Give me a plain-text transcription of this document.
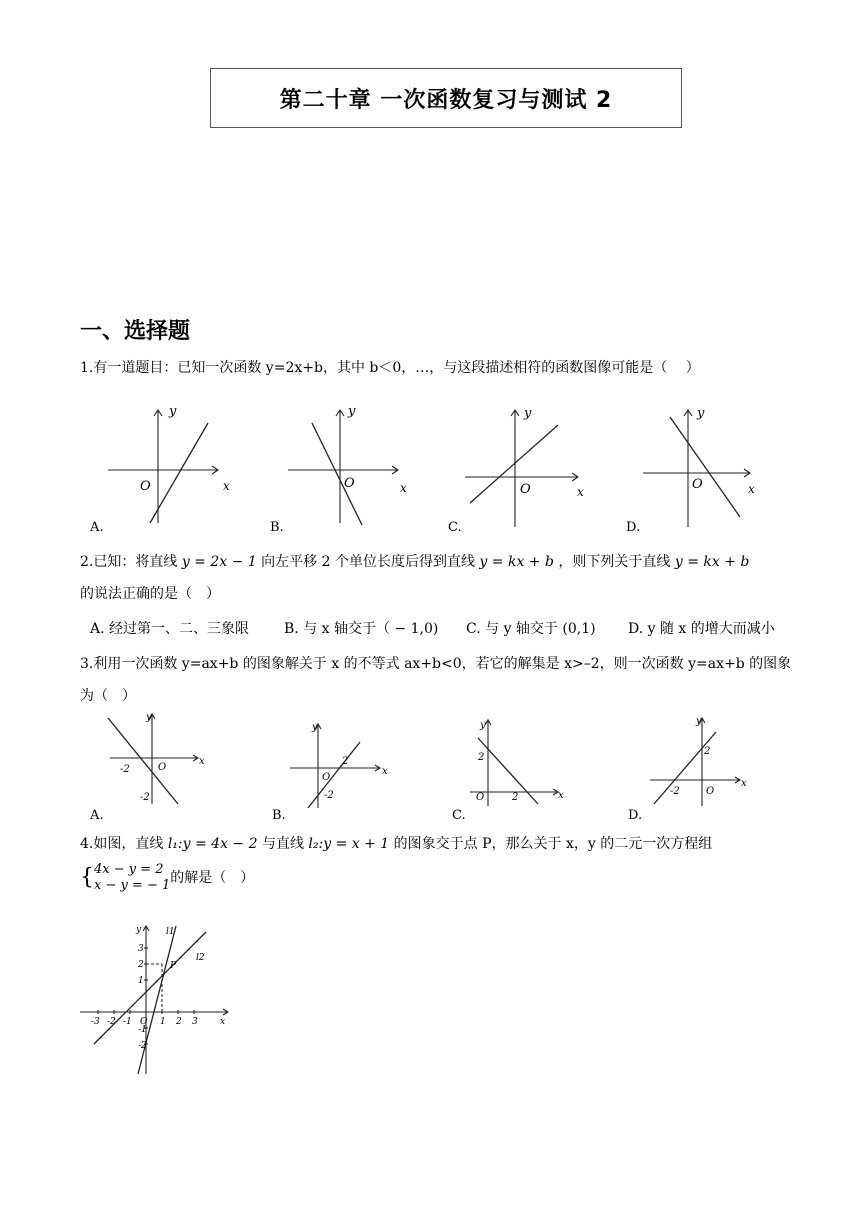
第二十章 一次函数复习与测试 2
一、选择题
1.有一道题目：已知一次函数 y=2x+b，其中 b＜0，…，与这段描述相符的函数图像可能是（　 ）
y
x
O
y
x
O
y
x
O
y
x
O
A.	B.	C.	D.
2.已知：将直线 y = 2x − 1 向左平移 2 个单位长度后得到直线 y = kx + b ，则下列关于直线 y = kx + b
的说法正确的是（　）
A. 经过第一、二、三象限 B. 与 x 轴交于（ − 1,0) C. 与 y 轴交于 (0,1) D. y 随 x 的增大而减小
3.利用一次函数 y=ax+b 的图象解关于 x 的不等式 ax+b<0，若它的解集是 x>–2，则一次函数 y=ax+b 的图象
为（　）
y
x
O
-2
-2
y
x
O
2
-2
y
x
O
2
2
y
x
O
-2
2
A.	B.	C.	D.
4.如图，直线 l₁:y = 4x − 2 与直线 l₂:y = x + 1 的图象交于点 P，那么关于 x，y 的二元一次方程组
{ 4x − y = 2
x − y = − 1 的解是（　）
y
x
3
2
1
-1
-2
-3 -2 -1 O 1 2 3
P
l1
l2
